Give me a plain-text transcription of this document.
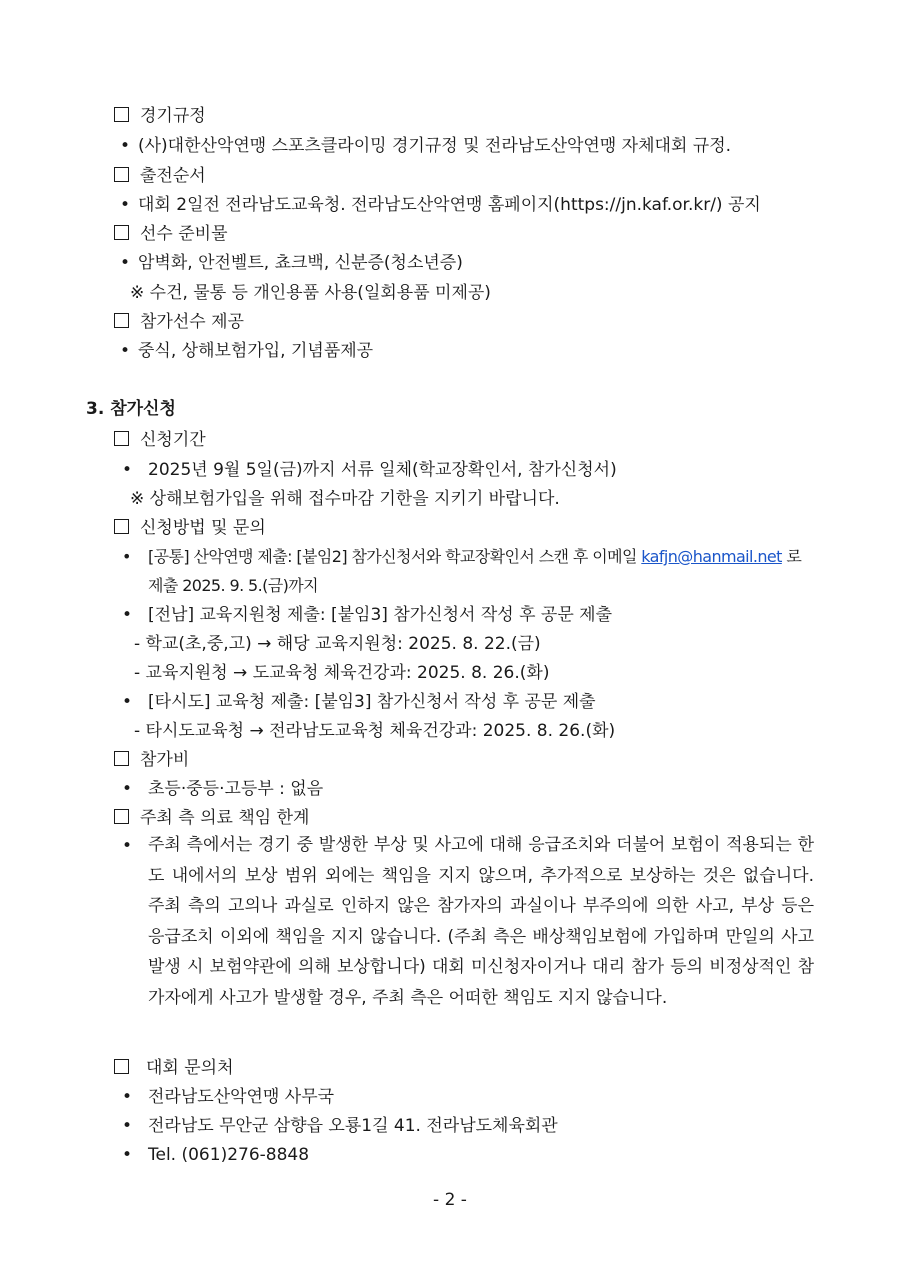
경기규정
• (사)대한산악연맹 스포츠클라이밍 경기규정 및 전라남도산악연맹 자체대회 규정.
출전순서
• 대회 2일전 전라남도교육청. 전라남도산악연맹 홈페이지(https://jn.kaf.or.kr/) 공지
선수 준비물
• 암벽화, 안전벨트, 쵸크백, 신분증(청소년증)
※ 수건, 물통 등 개인용품 사용(일회용품 미제공)
참가선수 제공
• 중식, 상해보험가입, 기념품제공
3. 참가신청
신청기간
• 2025년 9월 5일(금)까지 서류 일체(학교장확인서, 참가신청서)
※ 상해보험가입을 위해 접수마감 기한을 지키기 바랍니다.
신청방법 및 문의
• [공통] 산악연맹 제출: [붙임2] 참가신청서와 학교장확인서 스캔 후 이메일 kafjn@hanmail.net 로
제출 2025. 9. 5.(금)까지
• [전남] 교육지원청 제출: [붙임3] 참가신청서 작성 후 공문 제출
- 학교(초,중,고) → 해당 교육지원청: 2025. 8. 22.(금)
- 교육지원청 → 도교육청 체육건강과: 2025. 8. 26.(화)
• [타시도] 교육청 제출: [붙임3] 참가신청서 작성 후 공문 제출
- 타시도교육청 → 전라남도교육청 체육건강과: 2025. 8. 26.(화)
참가비
• 초등·중등·고등부 : 없음
주최 측 의료 책임 한계
• 주최 측에서는 경기 중 발생한 부상 및 사고에 대해 응급조치와 더불어 보험이 적용되는 한도 내에서의 보상 범위 외에는 책임을 지지 않으며, 추가적으로 보상하는 것은 없습니다. 주최 측의 고의나 과실로 인하지 않은 참가자의 과실이나 부주의에 의한 사고, 부상 등은 응급조치 이외에 책임을 지지 않습니다. (주최 측은 배상책임보험에 가입하며 만일의 사고 발생 시 보험약관에 의해 보상합니다) 대회 미신청자이거나 대리 참가 등의 비정상적인 참가자에게 사고가 발생할 경우, 주최 측은 어떠한 책임도 지지 않습니다.
대회 문의처
• 전라남도산악연맹 사무국
• 전라남도 무안군 삼향읍 오룡1길 41. 전라남도체육회관
• Tel. (061)276-8848
- 2 -
